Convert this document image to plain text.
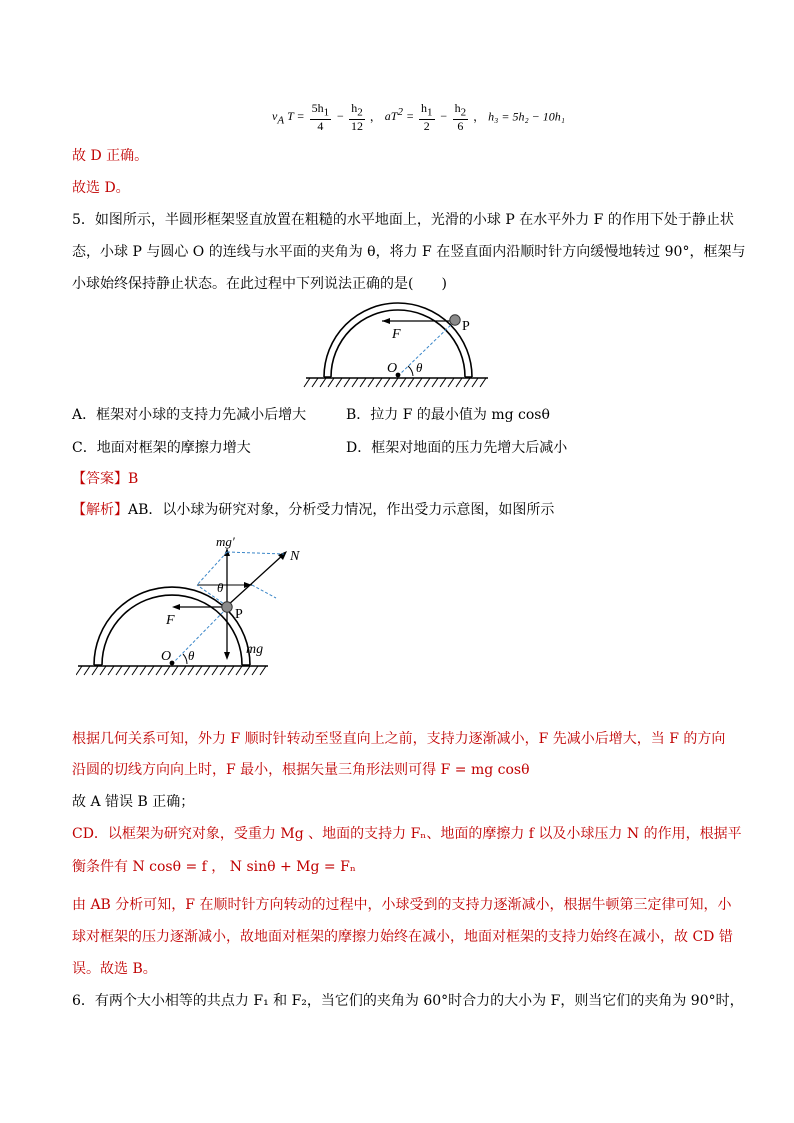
$v_A$ $T = \frac{5h_1}{4} - \frac{h_2}{12}$ ， $aT^2 = \frac{h_1}{2} - \frac{h_2}{6}$ ， h₃ = 5h₂ − 10h₁
故 D 正确。
故选 D。
5．如图所示，半圆形框架竖直放置在粗糙的水平地面上，光滑的小球 P 在水平外力 F 的作用下处于静止状
态，小球 P 与圆心 O 的连线与水平面的夹角为 θ，将力 F 在竖直面内沿顺时针方向缓慢地转过 90°，框架与
小球始终保持静止状态。在此过程中下列说法正确的是(　　)
F
P
O θ
A．框架对小球的支持力先减小后增大	B．拉力 F 的最小值为 mg cosθ
C．地面对框架的摩擦力增大	D．框架对地面的压力先增大后减小
【答案】B
【解析】AB．以小球为研究对象，分析受力情况，作出受力示意图，如图所示
mg′
N
θ
F	P
mg
O θ
根据几何关系可知，外力 F 顺时针转动至竖直向上之前，支持力逐渐减小，F 先减小后增大，当 F 的方向
沿圆的切线方向向上时，F 最小，根据矢量三角形法则可得 F = mg cosθ
故 A 错误 B 正确；
CD．以框架为研究对象，受重力 Mg 、地面的支持力 Fₙ、地面的摩擦力 f 以及小球压力 N 的作用，根据平
衡条件有 N cosθ = f ， N sinθ + Mg = Fₙ
由 AB 分析可知，F 在顺时针方向转动的过程中，小球受到的支持力逐渐减小，根据牛顿第三定律可知，小
球对框架的压力逐渐减小，故地面对框架的摩擦力始终在减小，地面对框架的支持力始终在减小，故 CD 错
误。故选 B。
6．有两个大小相等的共点力 F₁ 和 F₂，当它们的夹角为 60°时合力的大小为 F，则当它们的夹角为 90°时，
